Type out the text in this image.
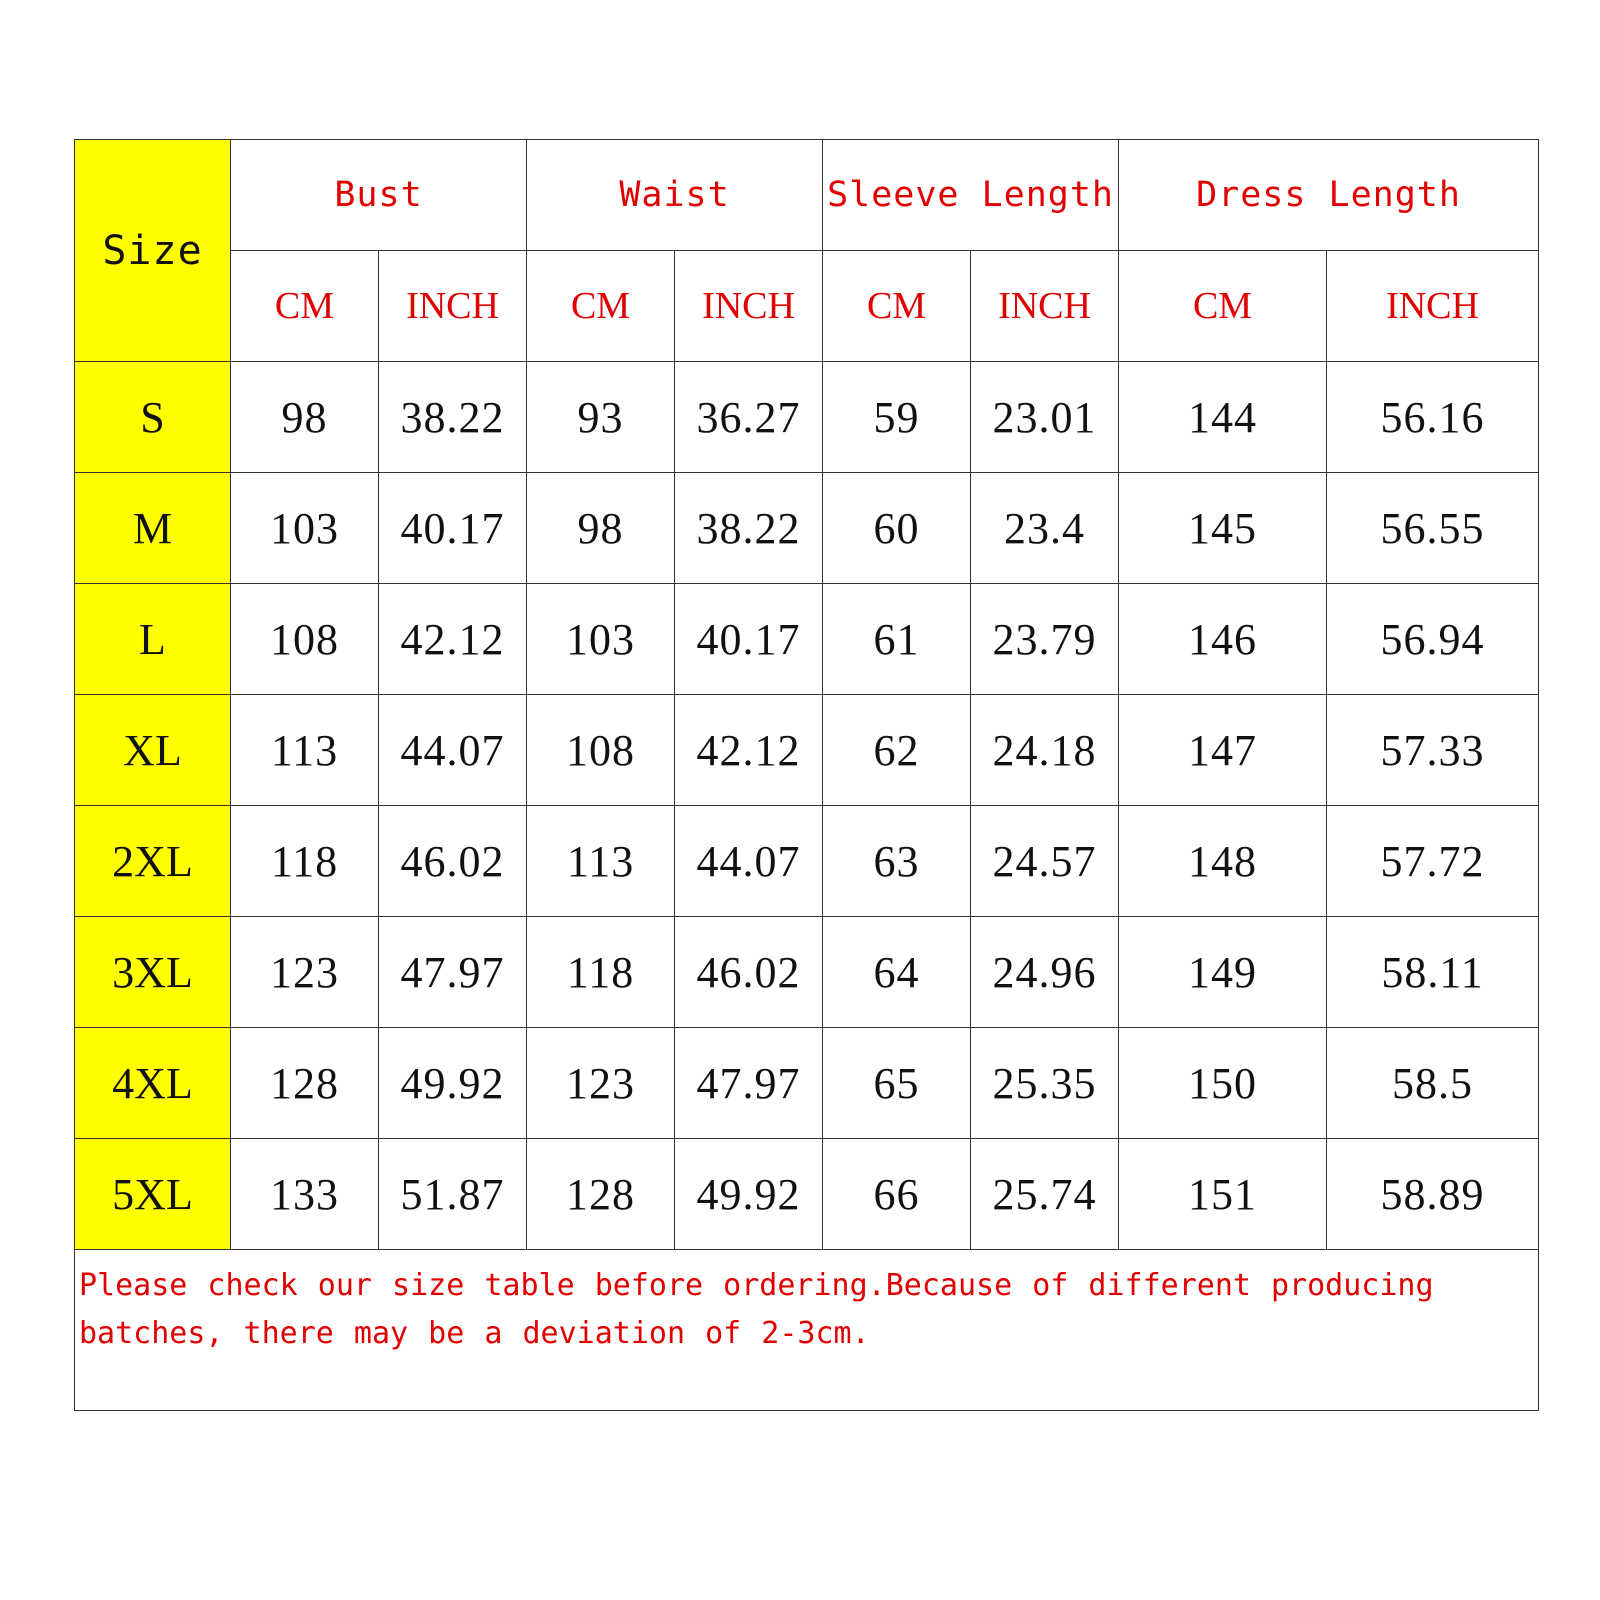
Size	Bust		Waist		Sleeve Length		Dress Length	
	CM	INCH	CM	INCH	CM	INCH	CM	INCH
S	98	38.22	93	36.27	59	23.01	144	56.16
M	103	40.17	98	38.22	60	23.4	145	56.55
L	108	42.12	103	40.17	61	23.79	146	56.94
XL	113	44.07	108	42.12	62	24.18	147	57.33
2XL	118	46.02	113	44.07	63	24.57	148	57.72
3XL	123	47.97	118	46.02	64	24.96	149	58.11
4XL	128	49.92	123	47.97	65	25.35	150	58.5
5XL	133	51.87	128	49.92	66	25.74	151	58.89
Please check our size table before ordering.Because of different producing batches, there may be a deviation of 2-3cm.								
